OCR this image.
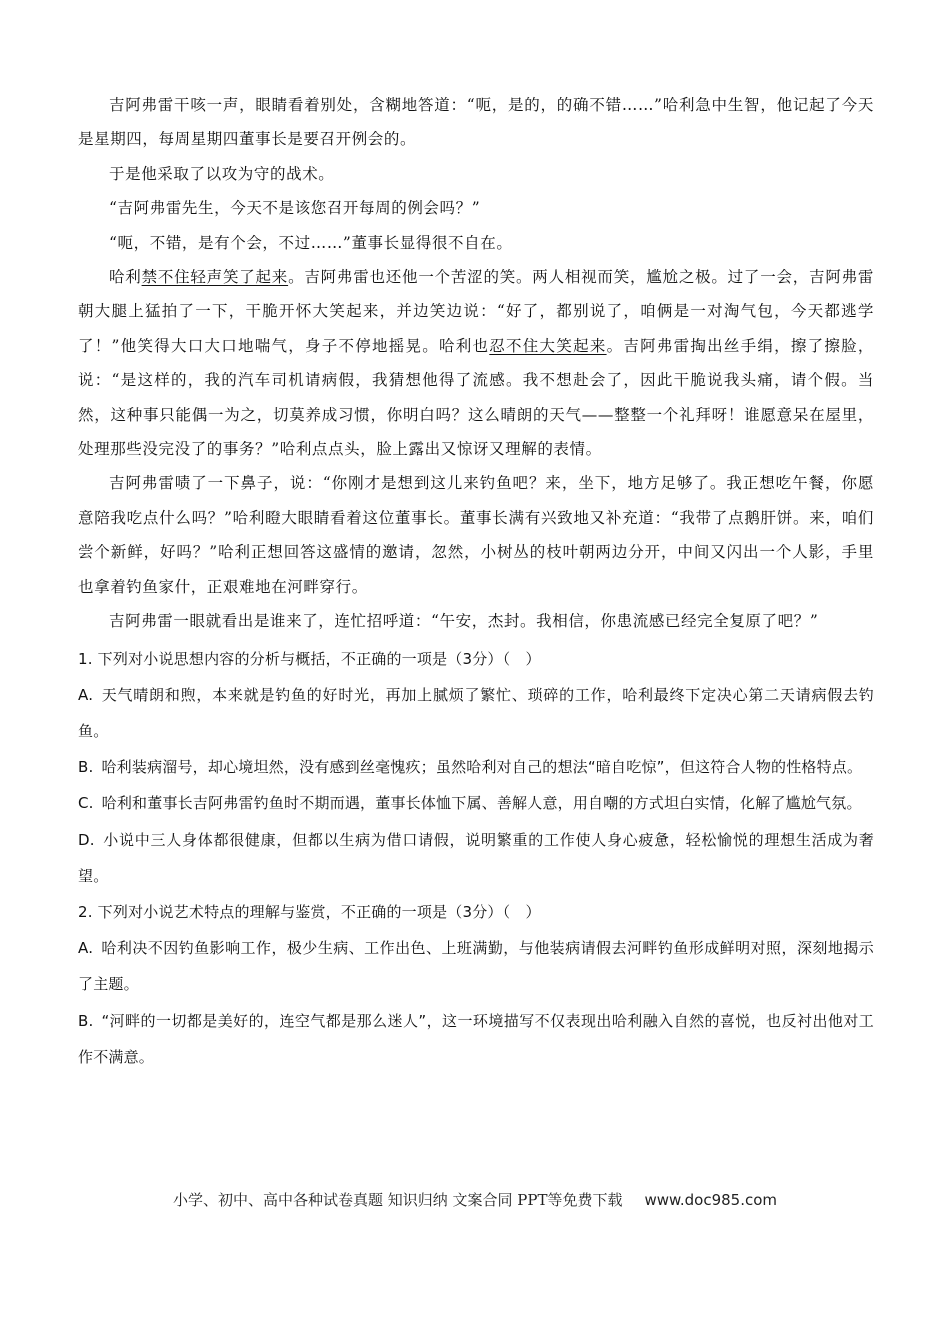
吉阿弗雷干咳一声，眼睛看着别处，含糊地答道：“呃，是的，的确不错……”哈利急中生智，他记起了今天是星期四，每周星期四董事长是要召开例会的。

于是他采取了以攻为守的战术。

“吉阿弗雷先生，今天不是该您召开每周的例会吗？”

“呃，不错，是有个会，不过……”董事长显得很不自在。

哈利禁不住轻声笑了起来。吉阿弗雷也还他一个苦涩的笑。两人相视而笑，尴尬之极。过了一会，吉阿弗雷朝大腿上猛拍了一下，干脆开怀大笑起来，并边笑边说：“好了，都别说了，咱俩是一对淘气包，今天都逃学了！”他笑得大口大口地喘气，身子不停地摇晃。哈利也忍不住大笑起来。吉阿弗雷掏出丝手绢，擦了擦脸，说：“是这样的，我的汽车司机请病假，我猜想他得了流感。我不想赴会了，因此干脆说我头痛，请个假。当然，这种事只能偶一为之，切莫养成习惯，你明白吗？这么晴朗的天气——整整一个礼拜呀！谁愿意呆在屋里，处理那些没完没了的事务？”哈利点点头，脸上露出又惊讶又理解的表情。

吉阿弗雷啧了一下鼻子，说：“你刚才是想到这儿来钓鱼吧？来，坐下，地方足够了。我正想吃午餐，你愿意陪我吃点什么吗？”哈利瞪大眼睛看着这位董事长。董事长满有兴致地又补充道：“我带了点鹅肝饼。来，咱们尝个新鲜，好吗？”哈利正想回答这盛情的邀请，忽然，小树丛的枝叶朝两边分开，中间又闪出一个人影，手里也拿着钓鱼家什，正艰难地在河畔穿行。

吉阿弗雷一眼就看出是谁来了，连忙招呼道：“午安，杰封。我相信，你患流感已经完全复原了吧？”

1. 下列对小说思想内容的分析与概括，不正确的一项是（3分）（　）
A. 天气晴朗和煦，本来就是钓鱼的好时光，再加上腻烦了繁忙、琐碎的工作，哈利最终下定决心第二天请病假去钓鱼。
B. 哈利装病溜号，却心境坦然，没有感到丝毫愧疚；虽然哈利对自己的想法“暗自吃惊”，但这符合人物的性格特点。
C. 哈利和董事长吉阿弗雷钓鱼时不期而遇，董事长体恤下属、善解人意，用自嘲的方式坦白实情，化解了尴尬气氛。
D. 小说中三人身体都很健康，但都以生病为借口请假，说明繁重的工作使人身心疲惫，轻松愉悦的理想生活成为奢望。
2. 下列对小说艺术特点的理解与鉴赏，不正确的一项是（3分）（　）
A. 哈利决不因钓鱼影响工作，极少生病、工作出色、上班满勤，与他装病请假去河畔钓鱼形成鲜明对照，深刻地揭示了主题。
B. “河畔的一切都是美好的，连空气都是那么迷人”，这一环境描写不仅表现出哈利融入自然的喜悦，也反衬出他对工作不满意。
小学、初中、高中各种试卷真题 知识归纳 文案合同 PPT等免费下载 www.doc985.com
